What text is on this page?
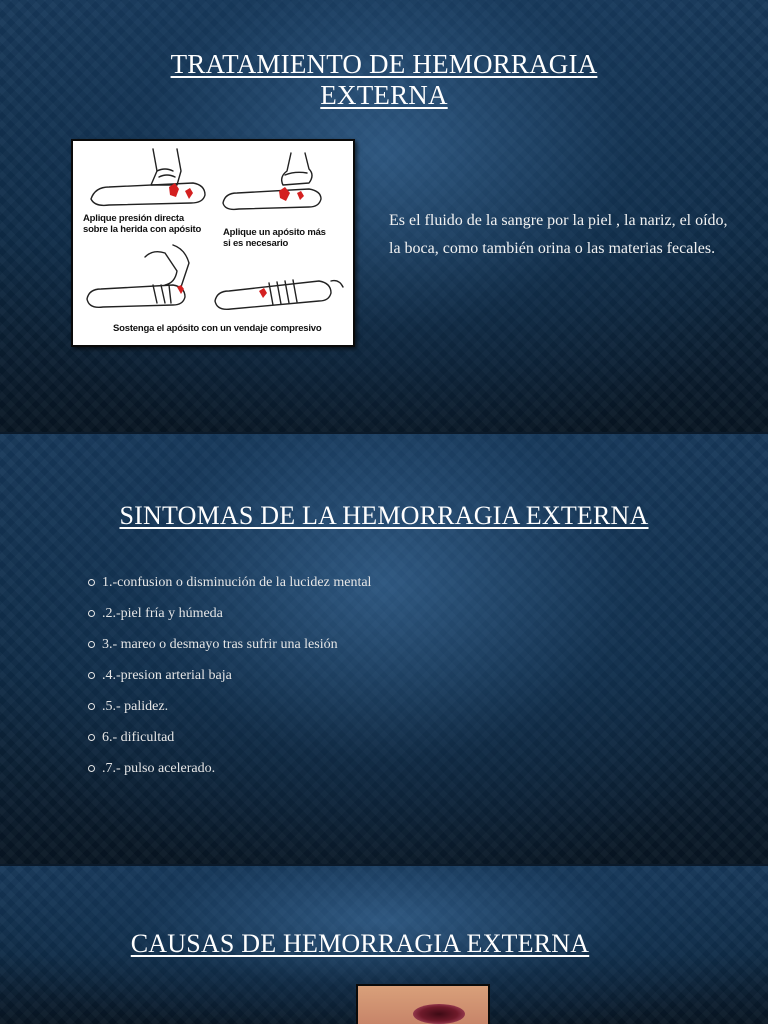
TRATAMIENTO DE HEMORRAGIA
EXTERNA
Aplique presión directa
sobre la herida con apósito Aplique un apósito más
si es necesario
Sostenga el apósito con un vendaje compresivo
Es el fluido de la sangre por la piel , la nariz, el oído, la boca, como también orina o las materias fecales.
SINTOMAS DE LA HEMORRAGIA EXTERNA
1.-confusion o disminución de la lucidez mental
.2.-piel fría y húmeda
3.- mareo o desmayo tras sufrir una lesión
.4.-presion arterial baja
.5.- palidez.
6.- dificultad
.7.- pulso acelerado.
CAUSAS DE HEMORRAGIA EXTERNA
